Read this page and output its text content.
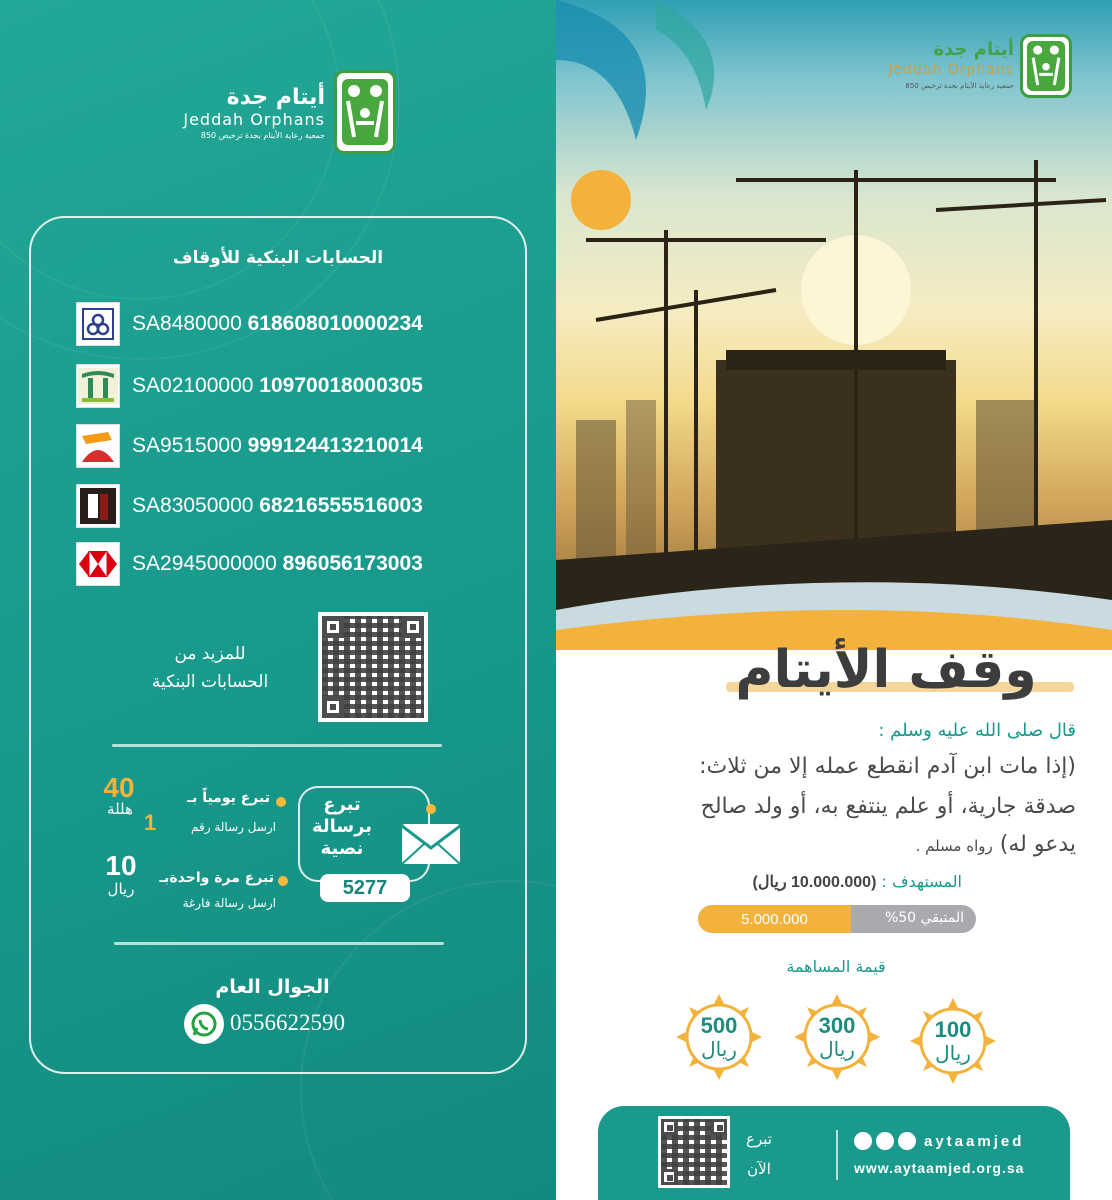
أيتام جدة
Jeddah Orphans
جمعية رعاية الأيتام بجدة ترخيص 850
الحسابات البنكية للأوقاف
SA8480000 618608010000234
SA02100000 10970018000305
SA9515000 999124413210014
SA83050000 68216555516003
SA2945000000 896056173003
للمزيد من
الحسابات البنكية
تبرع يومياً بـ
40
هللة
ارسل رسالة رقم
1
تبرع مرة واحدةبـ
10
ريال
ارسل رسالة فارغة
تبرع
برسالة
نصية
5277
الجوال العام
0556622590
أيتام جدة
Jeddah Orphans
جمعية رعاية الأيتام بجدة ترخيص 850
وقف الأيتام
قال صلى الله عليه وسلم :
(إذا مات ابن آدم انقطع عمله إلا من ثلاث:
صدقة جارية، أو علم ينتفع به، أو ولد صالح
يدعو له) رواه مسلم .
المستهدف : (10.000.000 ريال)
5.000.000	المتبقي 50%
قيمة المساهمة
500
ريال
300
ريال
100
ريال
تبرع
الآن
aytaamjed
www.aytaamjed.org.sa
